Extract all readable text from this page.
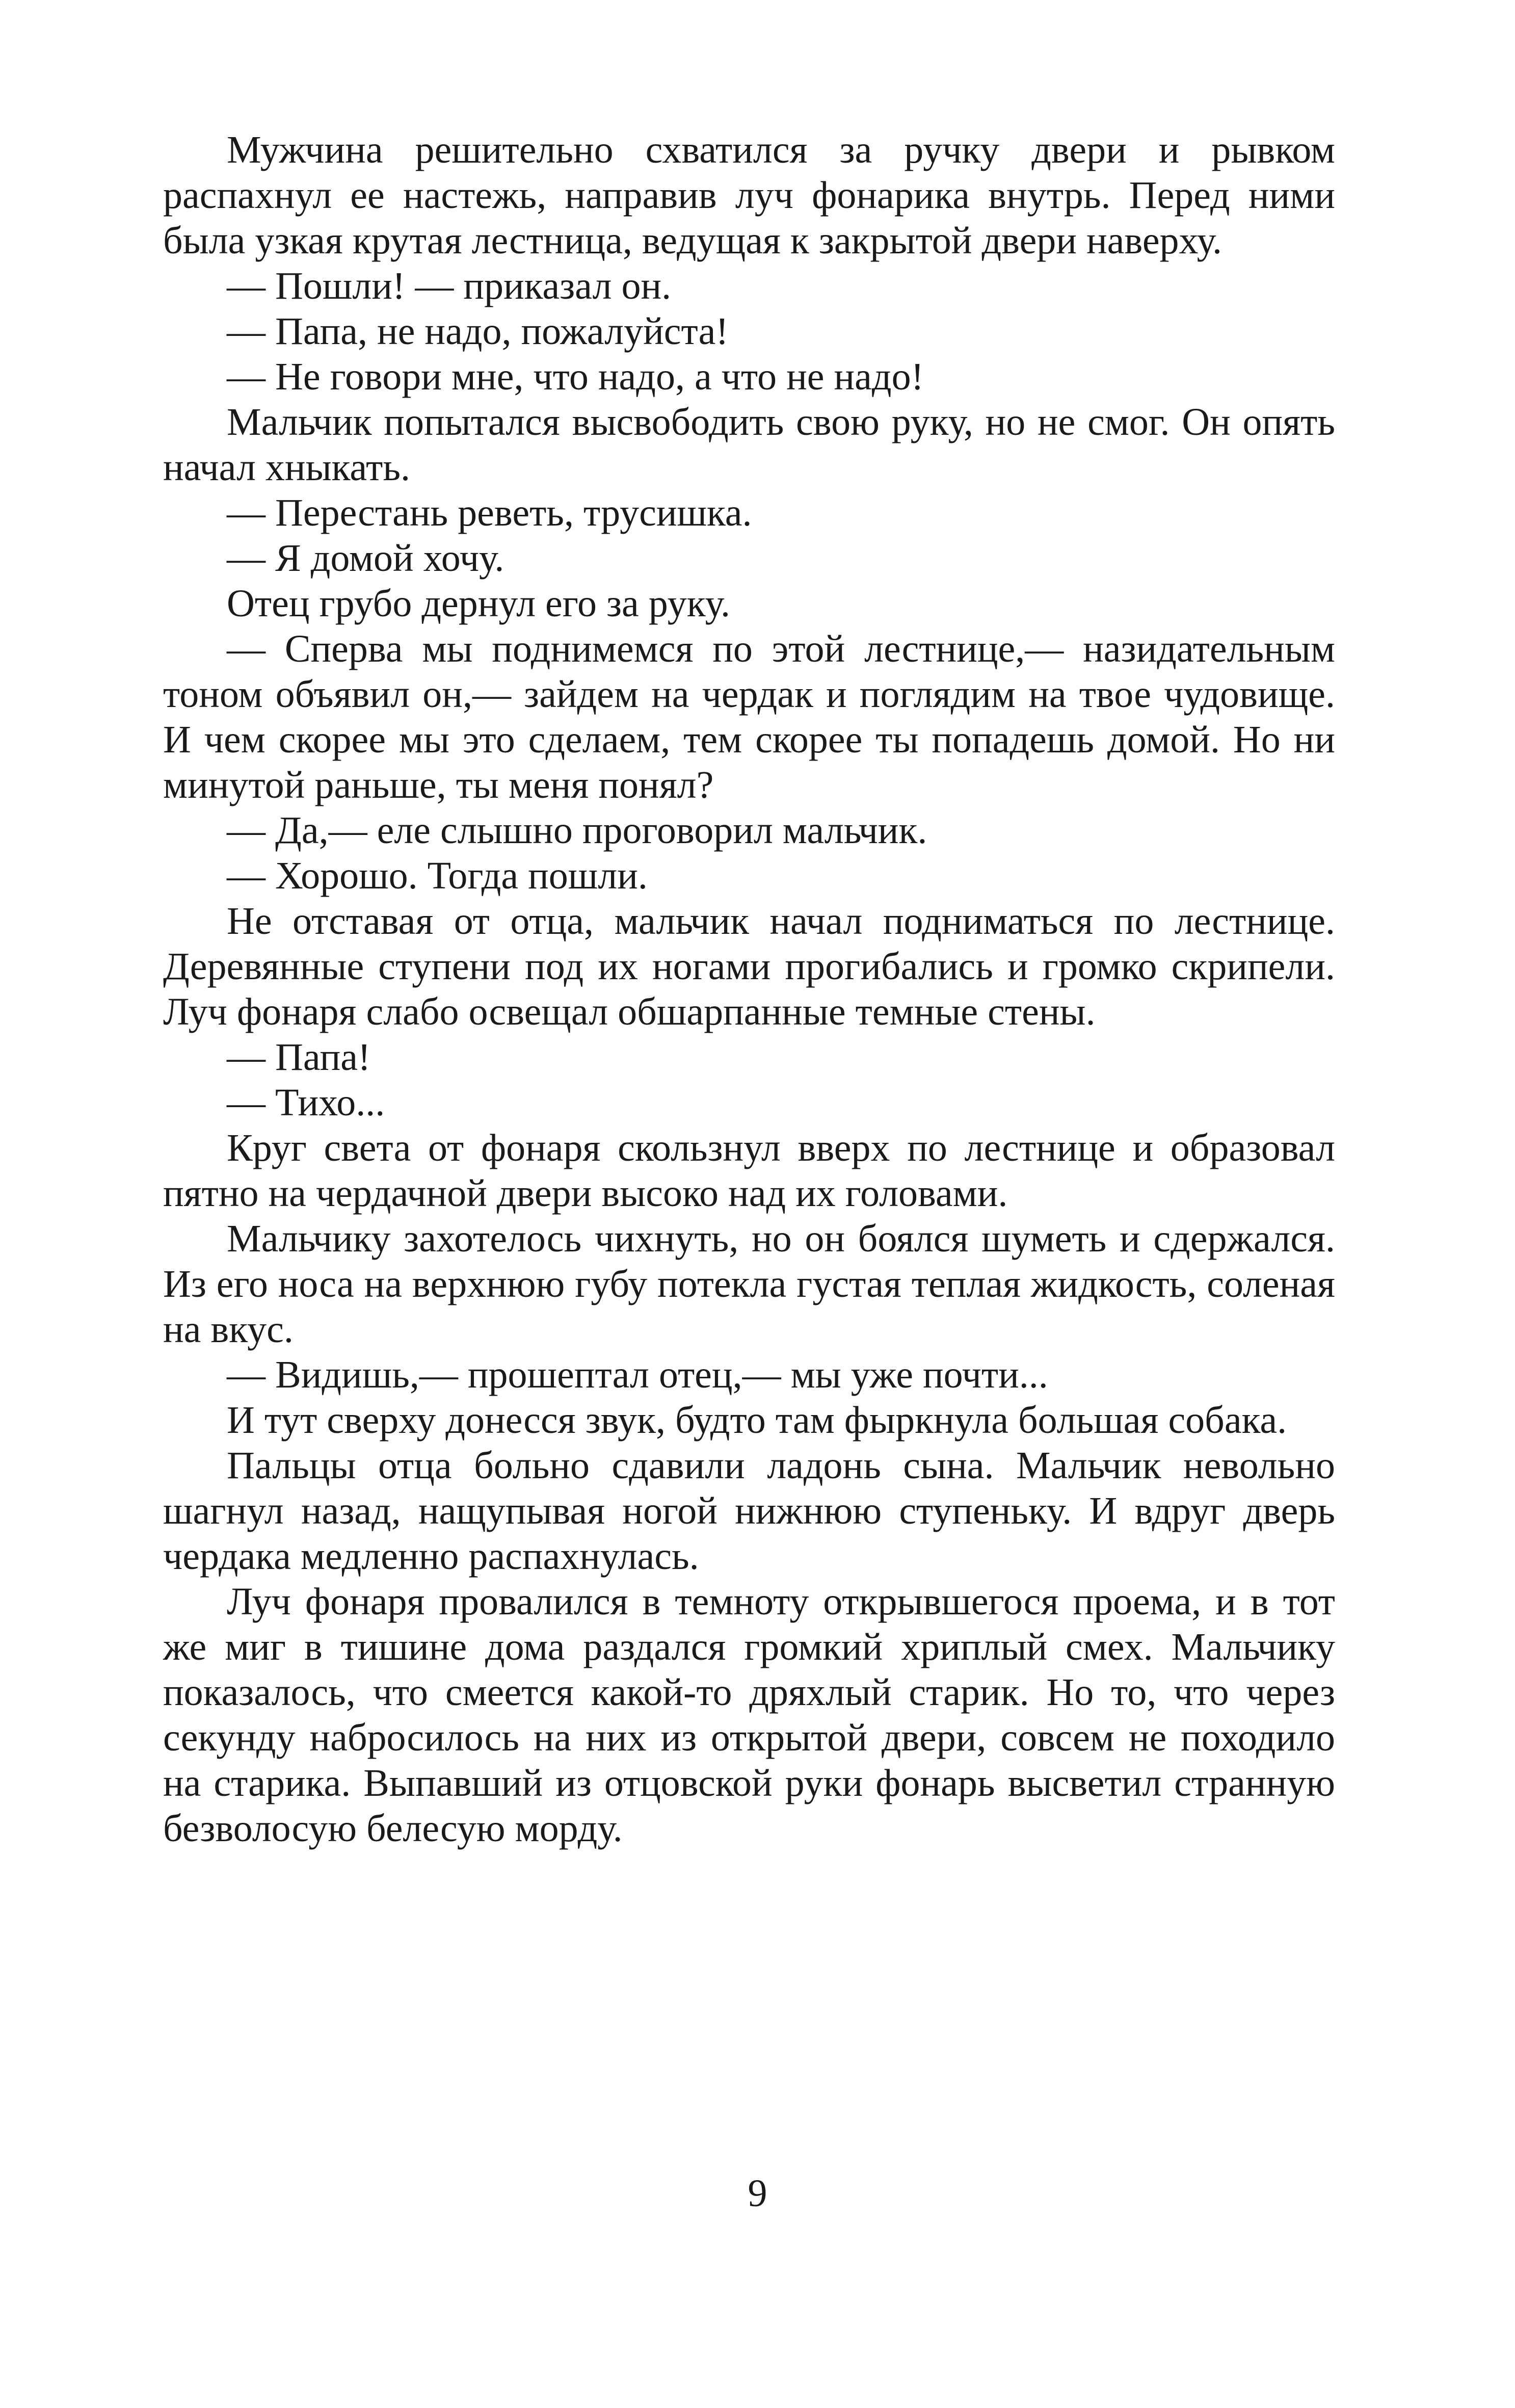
Мужчина решительно схватился за ручку двери и рывком распахнул ее настежь, направив луч фонарика внутрь. Перед ними была узкая крутая лестница, ведущая к закрытой двери наверху.

— Пошли! — приказал он.

— Папа, не надо, пожалуйста!

— Не говори мне, что надо, а что не надо!

Мальчик попытался высвободить свою руку, но не смог. Он опять начал хныкать.

— Перестань реветь, трусишка.

— Я домой хочу.

Отец грубо дернул его за руку.

— Сперва мы поднимемся по этой лестнице,— назидательным тоном объявил он,— зайдем на чердак и поглядим на твое чудовище. И чем скорее мы это сделаем, тем скорее ты попадешь домой. Но ни минутой раньше, ты меня понял?

— Да,— еле слышно проговорил мальчик.

— Хорошо. Тогда пошли.

Не отставая от отца, мальчик начал подниматься по лестнице. Деревянные ступени под их ногами прогибались и громко скрипели. Луч фонаря слабо освещал обшарпанные темные стены.

— Папа!

— Тихо...

Круг света от фонаря скользнул вверх по лестнице и образовал пятно на чердачной двери высоко над их головами.

Мальчику захотелось чихнуть, но он боялся шуметь и сдержался. Из его носа на верхнюю губу потекла густая теплая жидкость, соленая на вкус.

— Видишь,— прошептал отец,— мы уже почти...

И тут сверху донесся звук, будто там фыркнула большая собака.

Пальцы отца больно сдавили ладонь сына. Мальчик невольно шагнул назад, нащупывая ногой нижнюю ступеньку. И вдруг дверь чердака медленно распахнулась.

Луч фонаря провалился в темноту открывшегося проема, и в тот же миг в тишине дома раздался громкий хриплый смех. Мальчику показалось, что смеется какой-то дряхлый старик. Но то, что через секунду набросилось на них из открытой двери, совсем не походило на старика. Выпавший из отцовской руки фонарь высветил странную безволосую белесую морду.

9
